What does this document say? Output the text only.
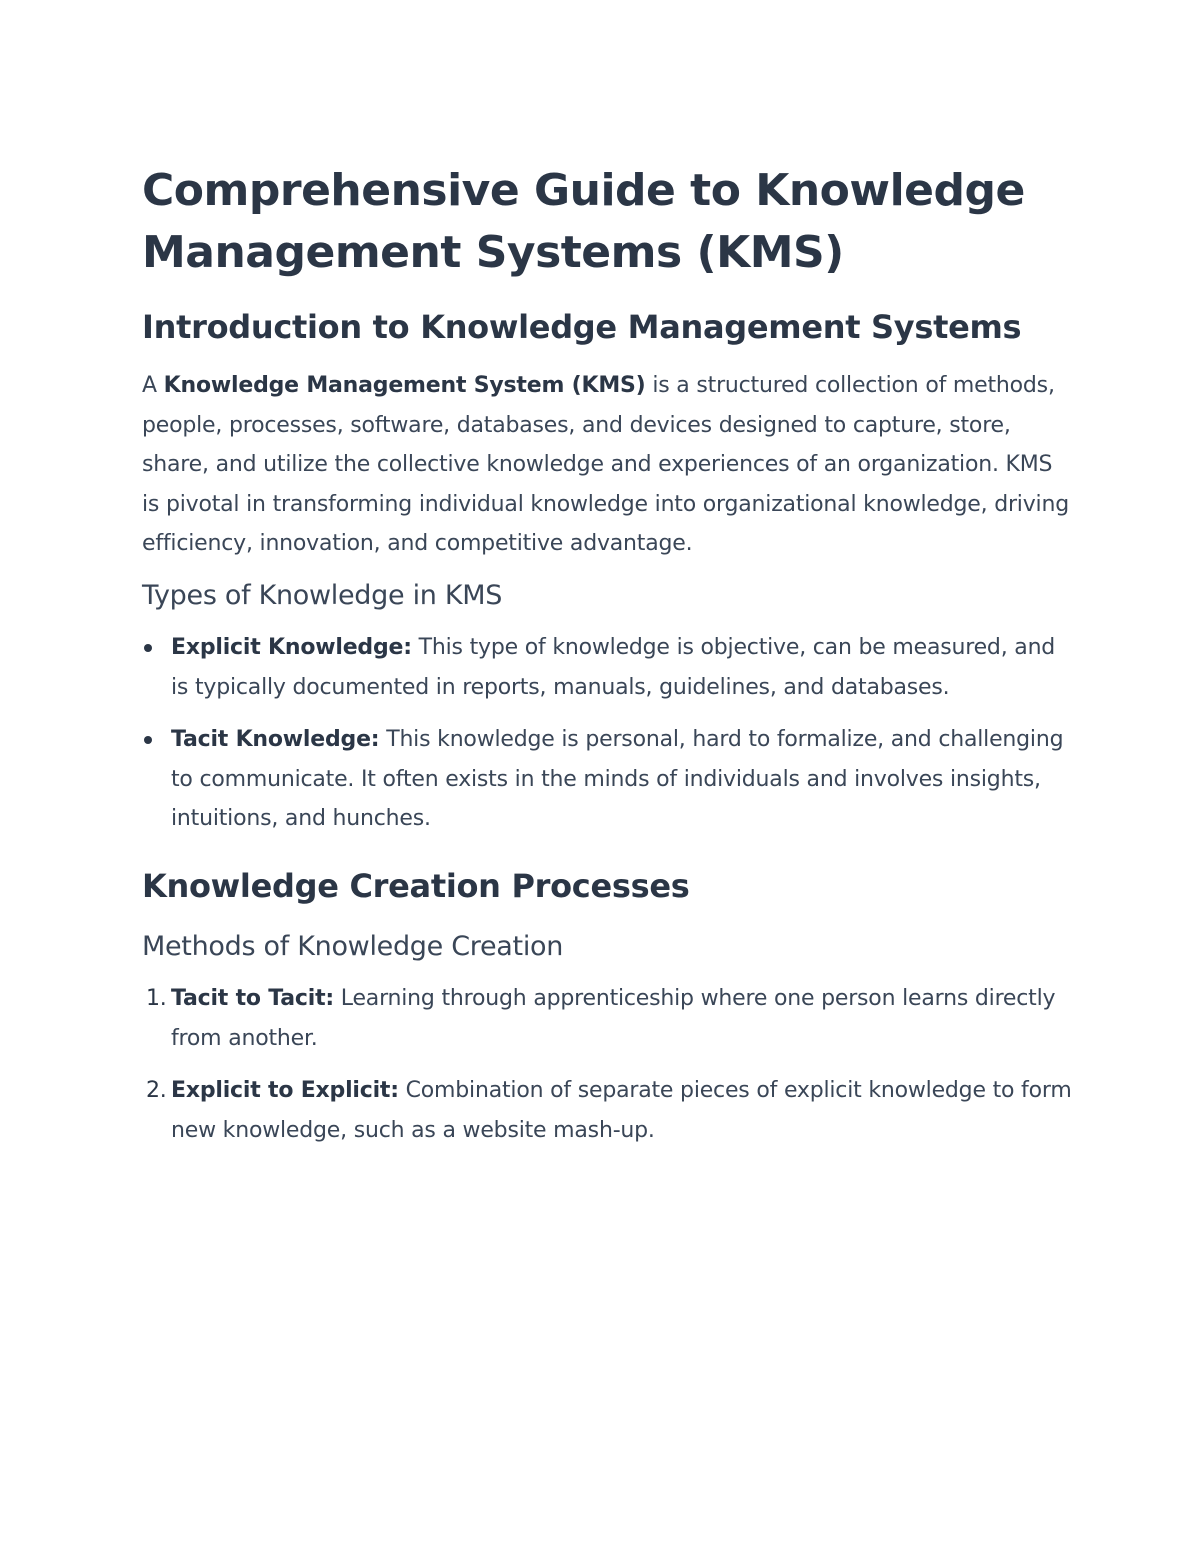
Comprehensive Guide to Knowledge Management Systems (KMS)
Introduction to Knowledge Management Systems

A Knowledge Management System (KMS) is a structured collection of methods, people, processes, software, databases, and devices designed to capture, store, share, and utilize the collective knowledge and experiences of an organization. KMS is pivotal in transforming individual knowledge into organizational knowledge, driving efficiency, innovation, and competitive advantage.

Types of Knowledge in KMS
Explicit Knowledge: This type of knowledge is objective, can be measured, and is typically documented in reports, manuals, guidelines, and databases.
Tacit Knowledge: This knowledge is personal, hard to formalize, and challenging to communicate. It often exists in the minds of individuals and involves insights, intuitions, and hunches.
Knowledge Creation Processes
Methods of Knowledge Creation
1. Tacit to Tacit: Learning through apprenticeship where one person learns directly from another.
2. Explicit to Explicit: Combination of separate pieces of explicit knowledge to form new knowledge, such as a website mash-up.
